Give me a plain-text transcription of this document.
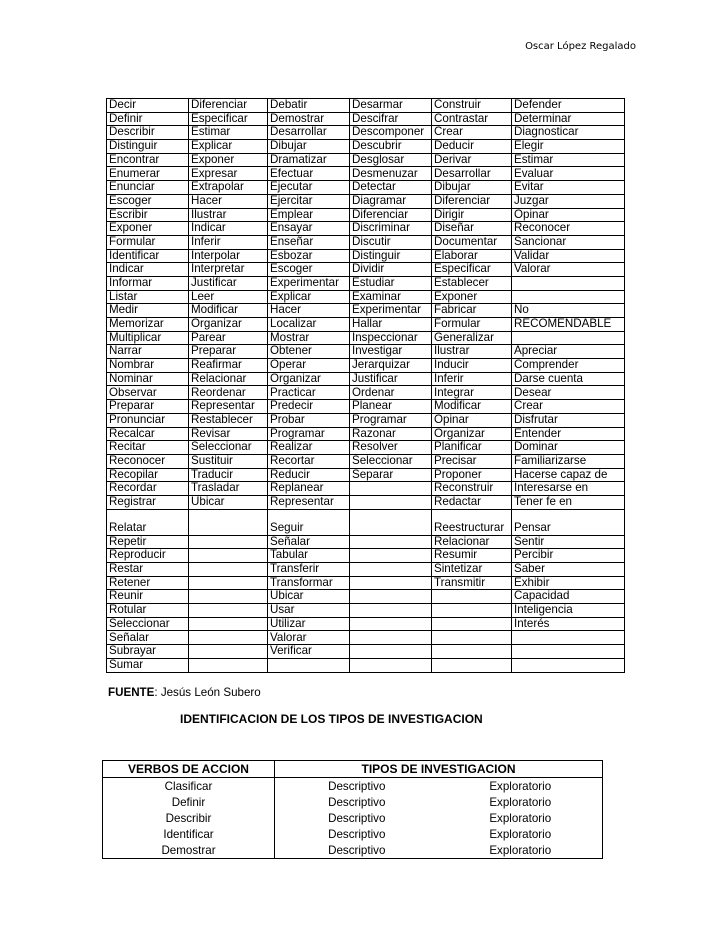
Oscar López Regalado
Decir	Diferenciar	Debatir	Desarmar	Construir	Defender
Definir	Especificar	Demostrar	Descifrar	Contrastar	Determinar
Describir	Estimar	Desarrollar	Descomponer	Crear	Diagnosticar
Distinguir	Explicar	Dibujar	Descubrir	Deducir	Elegir
Encontrar	Exponer	Dramatizar	Desglosar	Derivar	Estimar
Enumerar	Expresar	Efectuar	Desmenuzar	Desarrollar	Evaluar
Enunciar	Extrapolar	Ejecutar	Detectar	Dibujar	Evitar
Escoger	Hacer	Ejercitar	Diagramar	Diferenciar	Juzgar
Escribir	Ilustrar	Emplear	Diferenciar	Dirigir	Opinar
Exponer	Indicar	Ensayar	Discriminar	Diseñar	Reconocer
Formular	Inferir	Enseñar	Discutir	Documentar	Sancionar
Identificar	Interpolar	Esbozar	Distinguir	Elaborar	Validar
Indicar	Interpretar	Escoger	Dividir	Especificar	Valorar
Informar	Justificar	Experimentar	Estudiar	Establecer	
Listar	Leer	Explicar	Examinar	Exponer	
Medir	Modificar	Hacer	Experimentar	Fabricar	No
Memorizar	Organizar	Localizar	Hallar	Formular	RECOMENDABLE
Multiplicar	Parear	Mostrar	Inspeccionar	Generalizar	
Narrar	Preparar	Obtener	Investigar	Ilustrar	Apreciar
Nombrar	Reafirmar	Operar	Jerarquizar	Inducir	Comprender
Nominar	Relacionar	Organizar	Justificar	Inferir	Darse cuenta
Observar	Reordenar	Practicar	Ordenar	Integrar	Desear
Preparar	Representar	Predecir	Planear	Modificar	Crear
Pronunciar	Restablecer	Probar	Programar	Opinar	Disfrutar
Recalcar	Revisar	Programar	Razonar	Organizar	Entender
Recitar	Seleccionar	Realizar	Resolver	Planificar	Dominar
Reconocer	Sustituir	Recortar	Seleccionar	Precisar	Familiarizarse
Recopilar	Traducir	Reducir	Separar	Proponer	Hacerse capaz de
Recordar	Trasladar	Replanear		Reconstruir	Interesarse en
Registrar	Ubicar	Representar		Redactar	Tener fe en
Relatar		Seguir		Reestructurar	Pensar
Repetir		Señalar		Relacionar	Sentir
Reproducir		Tabular		Resumir	Percibir
Restar		Transferir		Sintetizar	Saber
Retener		Transformar		Transmitir	Exhibir
Reunir		Ubicar			Capacidad
Rotular		Usar			Inteligencia
Seleccionar		Utilizar			Interés
Señalar		Valorar			
Subrayar		Verificar			
Sumar					
FUENTE: Jesús León Subero
IDENTIFICACION DE LOS TIPOS DE INVESTIGACION
VERBOS DE ACCION	TIPOS DE INVESTIGACION	
Clasificar	Descriptivo	Exploratorio
Definir	Descriptivo	Exploratorio
Describir	Descriptivo	Exploratorio
Identificar	Descriptivo	Exploratorio
Demostrar	Descriptivo	Exploratorio
